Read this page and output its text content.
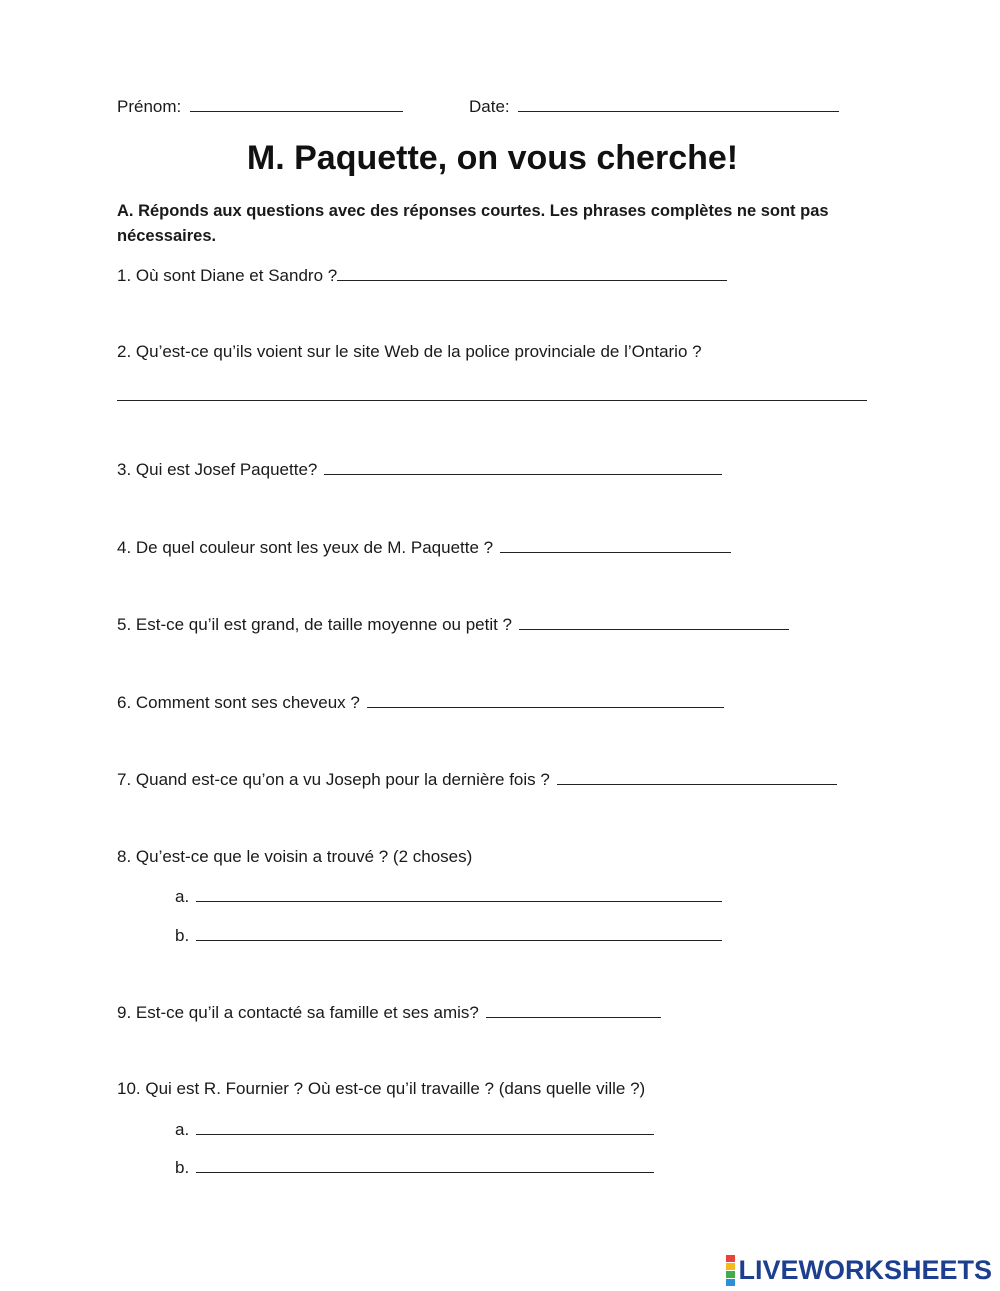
Prénom:	Date:
M. Paquette, on vous cherche!
A. Réponds aux questions avec des réponses courtes. Les phrases complètes ne sont pas nécessaires.
1. Où sont Diane et Sandro ?
2. Qu’est-ce qu’ils voient sur le site Web de la police provinciale de l’Ontario ?
3. Qui est Josef Paquette?
4. De quel couleur sont les yeux de M. Paquette ?
5. Est-ce qu’il est grand, de taille moyenne ou petit ?
6. Comment sont ses cheveux ?
7. Quand est-ce qu’on a vu Joseph pour la dernière fois ?
8. Qu’est-ce que le voisin a trouvé ? (2 choses)
a.
b.
9. Est-ce qu’il a contacté sa famille et ses amis?
10. Qui est R. Fournier ? Où est-ce qu’il travaille ? (dans quelle ville ?)
a.
b.
LIVEWORKSHEETS
